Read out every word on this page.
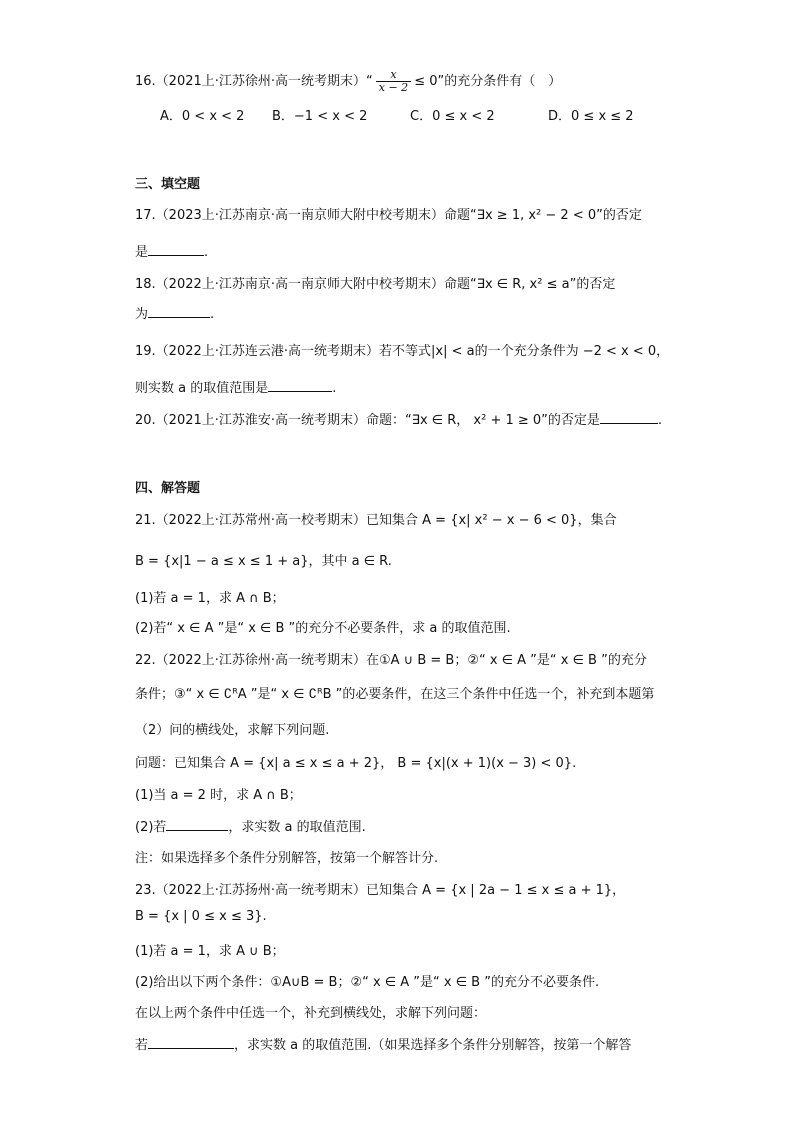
16.（2021上·江苏徐州·高一统考期末）“ $\frac{x}{x - 2} \le 0$”的充分条件有（　）
A．0 < x < 2 B．−1 < x < 2	C．0 ≤ x < 2	D．0 ≤ x ≤ 2
三、填空题
17.（2023上·江苏南京·高一南京师大附中校考期末）命题“∃x ≥ 1, x² − 2 < 0”的否定
是	.
18.（2022上·江苏南京·高一南京师大附中校考期末）命题“∃x ∈ R, x² ≤ a”的否定
为	.
19.（2022上·江苏连云港·高一统考期末）若不等式|x| < a的一个充分条件为 −2 < x < 0，
则实数 a 的取值范围是	.
20.（2021上·江苏淮安·高一统考期末）命题：“∃x ∈ R， x² + 1 ≥ 0”的否定是	.
四、解答题
21.（2022上·江苏常州·高一校考期末）已知集合 A = {x| x² − x − 6 < 0}，集合
B = {x|1 − a ≤ x ≤ 1 + a}，其中 a ∈ R.
(1)若 a = 1，求 A ∩ B；
(2)若“ x ∈ A ”是“ x ∈ B ”的充分不必要条件，求 a 的取值范围.
22.（2022上·江苏徐州·高一统考期末）在①A ∪ B = B；②“ x ∈ A ”是“ x ∈ B ”的充分
条件；③“ x ∈ ∁ᴿA ”是“ x ∈ ∁ᴿB ”的必要条件，在这三个条件中任选一个，补充到本题第
（2）问的横线处，求解下列问题.
问题：已知集合 A = {x| a ≤ x ≤ a + 2}， B = {x|(x + 1)(x − 3) < 0}.
(1)当 a = 2 时，求 A ∩ B；
(2)若	，求实数 a 的取值范围.
注：如果选择多个条件分别解答，按第一个解答计分.
23.（2022上·江苏扬州·高一统考期末）已知集合 A = {x | 2a − 1 ≤ x ≤ a + 1}，
B = {x | 0 ≤ x ≤ 3}.
(1)若 a = 1，求 A ∪ B；
(2)给出以下两个条件：①A∪B = B；②“ x ∈ A ”是“ x ∈ B ”的充分不必要条件.
在以上两个条件中任选一个，补充到横线处，求解下列问题：
若	，求实数 a 的取值范围.（如果选择多个条件分别解答，按第一个解答
